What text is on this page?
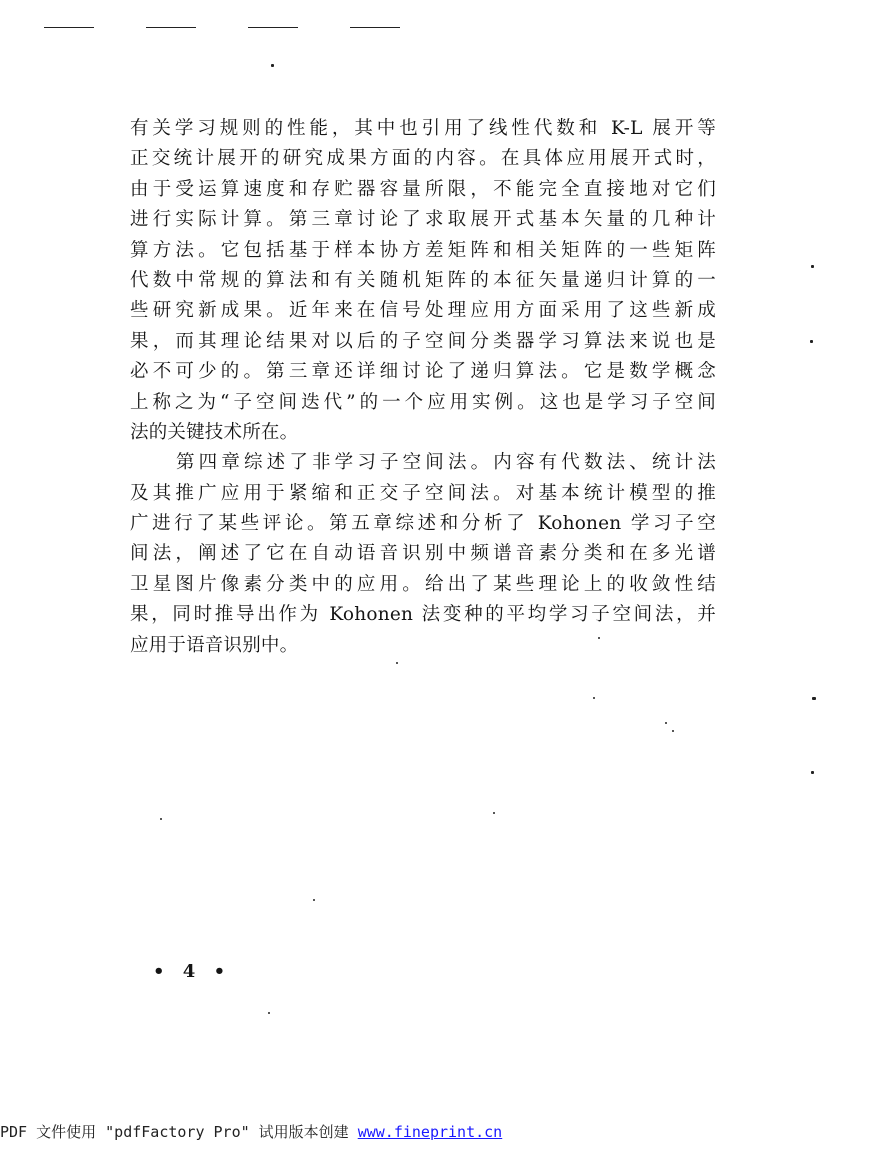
有关学习规则的性能，其中也引用了线性代数和 K-L 展开等
正交统计展开的研究成果方面的内容。在具体应用展开式时，
由于受运算速度和存贮器容量所限，不能完全直接地对它们
进行实际计算。第三章讨论了求取展开式基本矢量的几种计
算方法。它包括基于样本协方差矩阵和相关矩阵的一些矩阵
代数中常规的算法和有关随机矩阵的本征矢量递归计算的一
些研究新成果。近年来在信号处理应用方面采用了这些新成
果，而其理论结果对以后的子空间分类器学习算法来说也是
必不可少的。第三章还详细讨论了递归算法。它是数学概念
上称之为“子空间迭代”的一个应用实例。这也是学习子空间
法的关键技术所在。
第四章综述了非学习子空间法。内容有代数法、统计法
及其推广应用于紧缩和正交子空间法。对基本统计模型的推
广进行了某些评论。第五章综述和分析了 Kohonen 学习子空
间法，阐述了它在自动语音识别中频谱音素分类和在多光谱
卫星图片像素分类中的应用。给出了某些理论上的收敛性结
果，同时推导出作为 Kohonen 法变种的平均学习子空间法，并
应用于语音识别中。
• 4 •
PDF 文件使用 "pdfFactory Pro" 试用版本创建 www.fineprint.cn
